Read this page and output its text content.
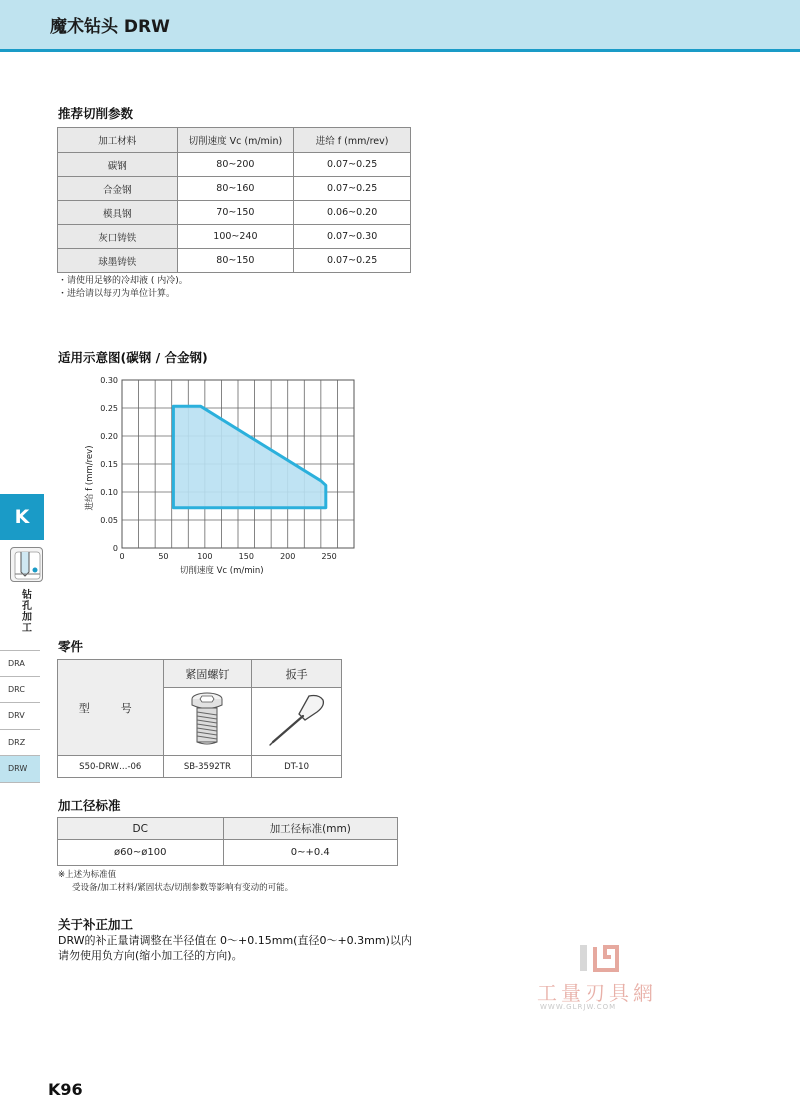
魔术钻头 DRW
推荐切削参数
加工材料	切削速度 Vc (m/min)	进给 f (mm/rev)
碳钢	80~200	0.07~0.25
合金钢	80~160	0.07~0.25
模具钢	70~150	0.06~0.20
灰口铸铁	100~240	0.07~0.30
球墨铸铁	80~150	0.07~0.25
・请使用足够的冷却液 ( 内冷)。
・进给请以每刃为单位计算。
适用示意图(碳钢 / 合金钢)
0	50	100	150	200	250
0
0.05
0.10
0.15
0.20
0.25
0.30
切削速度 Vc (m/min)
进给 f (mm/rev)
零件
型　号	紧固螺钉	扳手

S50-DRW…-06	SB-3592TR	DT-10
加工径标准
DC	加工径标准(mm)
ø60~ø100	0~+0.4
※上述为标准值
受设备/加工材料/紧固状态/切削参数等影响有变动的可能。
关于补正加工
DRW的补正量请调整在半径值在 0～+0.15mm(直径0～+0.3mm)以内
请勿使用负方向(缩小加工径的方向)。
K
钻孔加工
DRA
DRC
DRV
DRZ
DRW
K96
工量刃具網
WWW.GLRJW.COM
